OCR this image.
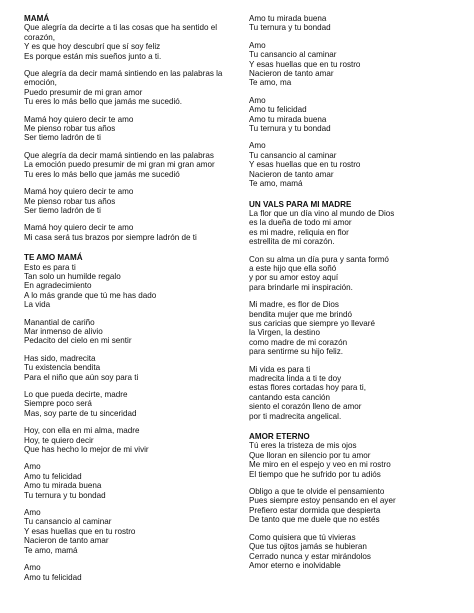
MAMÁ
Que alegría da decirte a ti las cosas que ha sentido el
corazón,
Y es que hoy descubrí que sí soy feliz
Es porque están mis sueños junto a ti.
Que alegría da decir mamá sintiendo en las palabras la
emoción,
Puedo presumir de mi gran amor
Tu eres lo más bello que jamás me sucedió.
Mamá hoy quiero decir te amo
Me pienso robar tus años
Ser tiemo ladrón de ti
Que alegría da decir mamá sintiendo en las palabras
La emoción puedo presumir de mi gran mi gran amor
Tu eres lo más bello que jamás me sucedió
Mamá hoy quiero decir te amo
Me pienso robar tus años
Ser tiemo ladrón de ti
Mamá hoy quiero decir te amo
Mi casa será tus brazos por siempre ladrón de ti
TE AMO MAMÁ
Esto es para ti
Tan solo un humilde regalo
En agradecimiento
A lo más grande que tú me has dado
La vida
Manantial de cariño
Mar inmenso de alivio
Pedacito del cielo en mi sentir
Has sido, madrecita
Tu existencia bendita
Para el niño que aún soy para ti
Lo que pueda decirte, madre
Siempre poco será
Mas, soy parte de tu sinceridad
Hoy, con ella en mi alma, madre
Hoy, te quiero decir
Que has hecho lo mejor de mi vivir
Amo
Amo tu felicidad
Amo tu mirada buena
Tu ternura y tu bondad
Amo
Tu cansancio al caminar
Y esas huellas que en tu rostro
Nacieron de tanto amar
Te amo, mamá
Amo
Amo tu felicidad
Amo tu mirada buena
Tu ternura y tu bondad
Amo
Tu cansancio al caminar
Y esas huellas que en tu rostro
Nacieron de tanto amar
Te amo, ma
Amo
Amo tu felicidad
Amo tu mirada buena
Tu ternura y tu bondad
Amo
Tu cansancio al caminar
Y esas huellas que en tu rostro
Nacieron de tanto amar
Te amo, mamá
UN VALS PARA MI MADRE
La flor que un día vino al mundo de Dios
es la dueña de todo mi amor
es mi madre, reliquia en flor
estrellita de mi corazón.
Con su alma un día pura y santa formó
a este hijo que ella soñó
y por su amor estoy aquí
para brindarle mi inspiración.
Mi madre, es flor de Dios
bendita mujer que me brindó
sus caricias que siempre yo llevaré
la Virgen, la destino
como madre de mi corazón
para sentirme su hijo feliz.
Mi vida es para ti
madrecita linda a ti te doy
estas flores cortadas hoy para ti,
cantando esta canción
siento el corazón lleno de amor
por ti madrecita angelical.
AMOR ETERNO
Tú eres la tristeza de mis ojos
Que lloran en silencio por tu amor
Me miro en el espejo y veo en mi rostro
El tiempo que he sufrido por tu adiós
Obligo a que te olvide el pensamiento
Pues siempre estoy pensando en el ayer
Prefiero estar dormida que despierta
De tanto que me duele que no estés
Como quisiera que tú vivieras
Que tus ojitos jamás se hubieran
Cerrado nunca y estar mirándolos
Amor eterno e inolvidable
